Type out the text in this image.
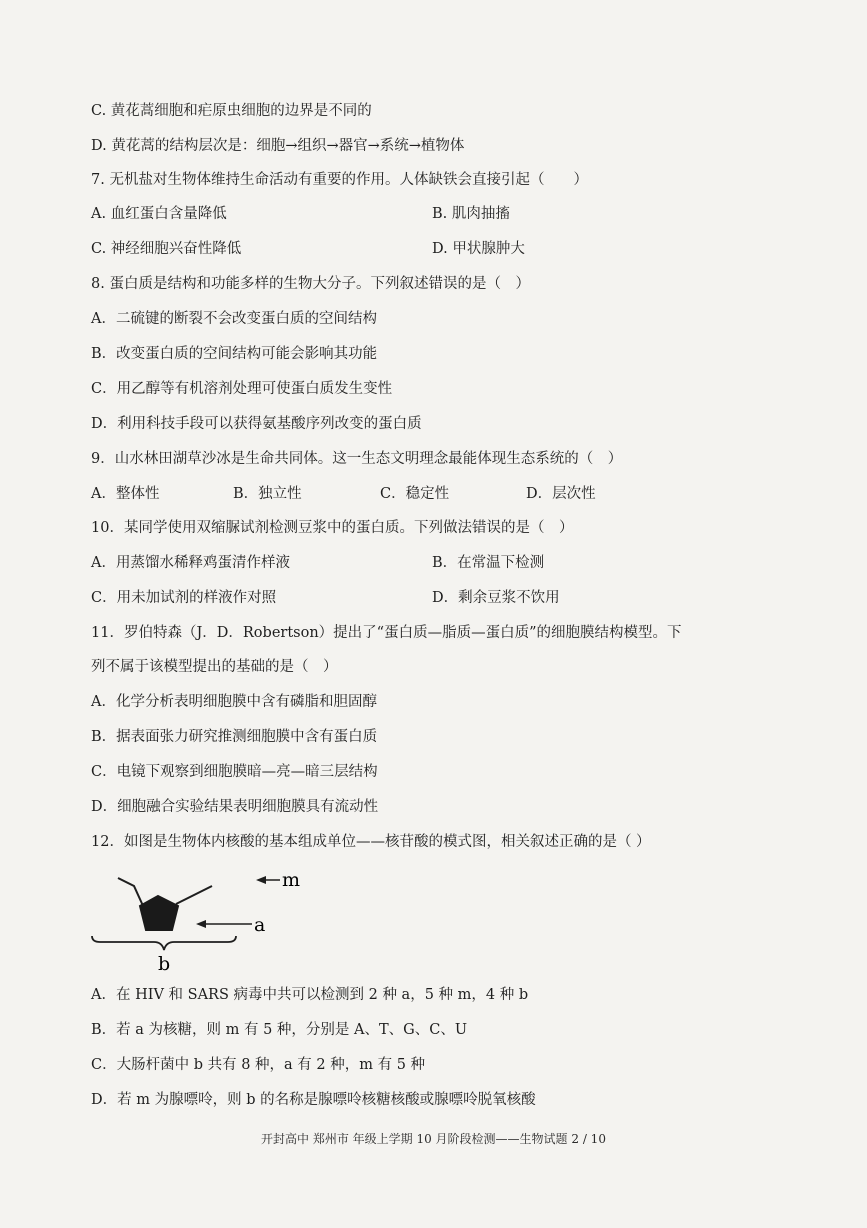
C. 黄花蒿细胞和疟原虫细胞的边界是不同的
D. 黄花蒿的结构层次是：细胞→组织→器官→系统→植物体
7. 无机盐对生物体维持生命活动有重要的作用。人体缺铁会直接引起（　　）
A. 血红蛋白含量降低	B. 肌肉抽搐
C. 神经细胞兴奋性降低	D. 甲状腺肿大
8. 蛋白质是结构和功能多样的生物大分子。下列叙述错误的是（　）
A．二硫键的断裂不会改变蛋白质的空间结构
B．改变蛋白质的空间结构可能会影响其功能
C．用乙醇等有机溶剂处理可使蛋白质发生变性
D．利用科技手段可以获得氨基酸序列改变的蛋白质
9．山水林田湖草沙冰是生命共同体。这一生态文明理念最能体现生态系统的（　）
A．整体性	B．独立性	C．稳定性	D．层次性
10．某同学使用双缩脲试剂检测豆浆中的蛋白质。下列做法错误的是（　）
A．用蒸馏水稀释鸡蛋清作样液	B．在常温下检测
C．用未加试剂的样液作对照	D．剩余豆浆不饮用
11．罗伯特森（J．D．Robertson）提出了“蛋白质—脂质—蛋白质”的细胞膜结构模型。下
列不属于该模型提出的基础的是（　）
A．化学分析表明细胞膜中含有磷脂和胆固醇
B．据表面张力研究推测细胞膜中含有蛋白质
C．电镜下观察到细胞膜暗—亮—暗三层结构
D．细胞融合实验结果表明细胞膜具有流动性
12．如图是生物体内核酸的基本组成单位——核苷酸的模式图，相关叙述正确的是（ ）
m
a
b
A．在 HIV 和 SARS 病毒中共可以检测到 2 种 a，5 种 m，4 种 b
B．若 a 为核糖，则 m 有 5 种，分别是 A、T、G、C、U
C．大肠杆菌中 b 共有 8 种，a 有 2 种，m 有 5 种
D．若 m 为腺嘌呤，则 b 的名称是腺嘌呤核糖核酸或腺嘌呤脱氧核酸
开封高中 郑州市 年级上学期 10 月阶段检测——生物试题 2 / 10
